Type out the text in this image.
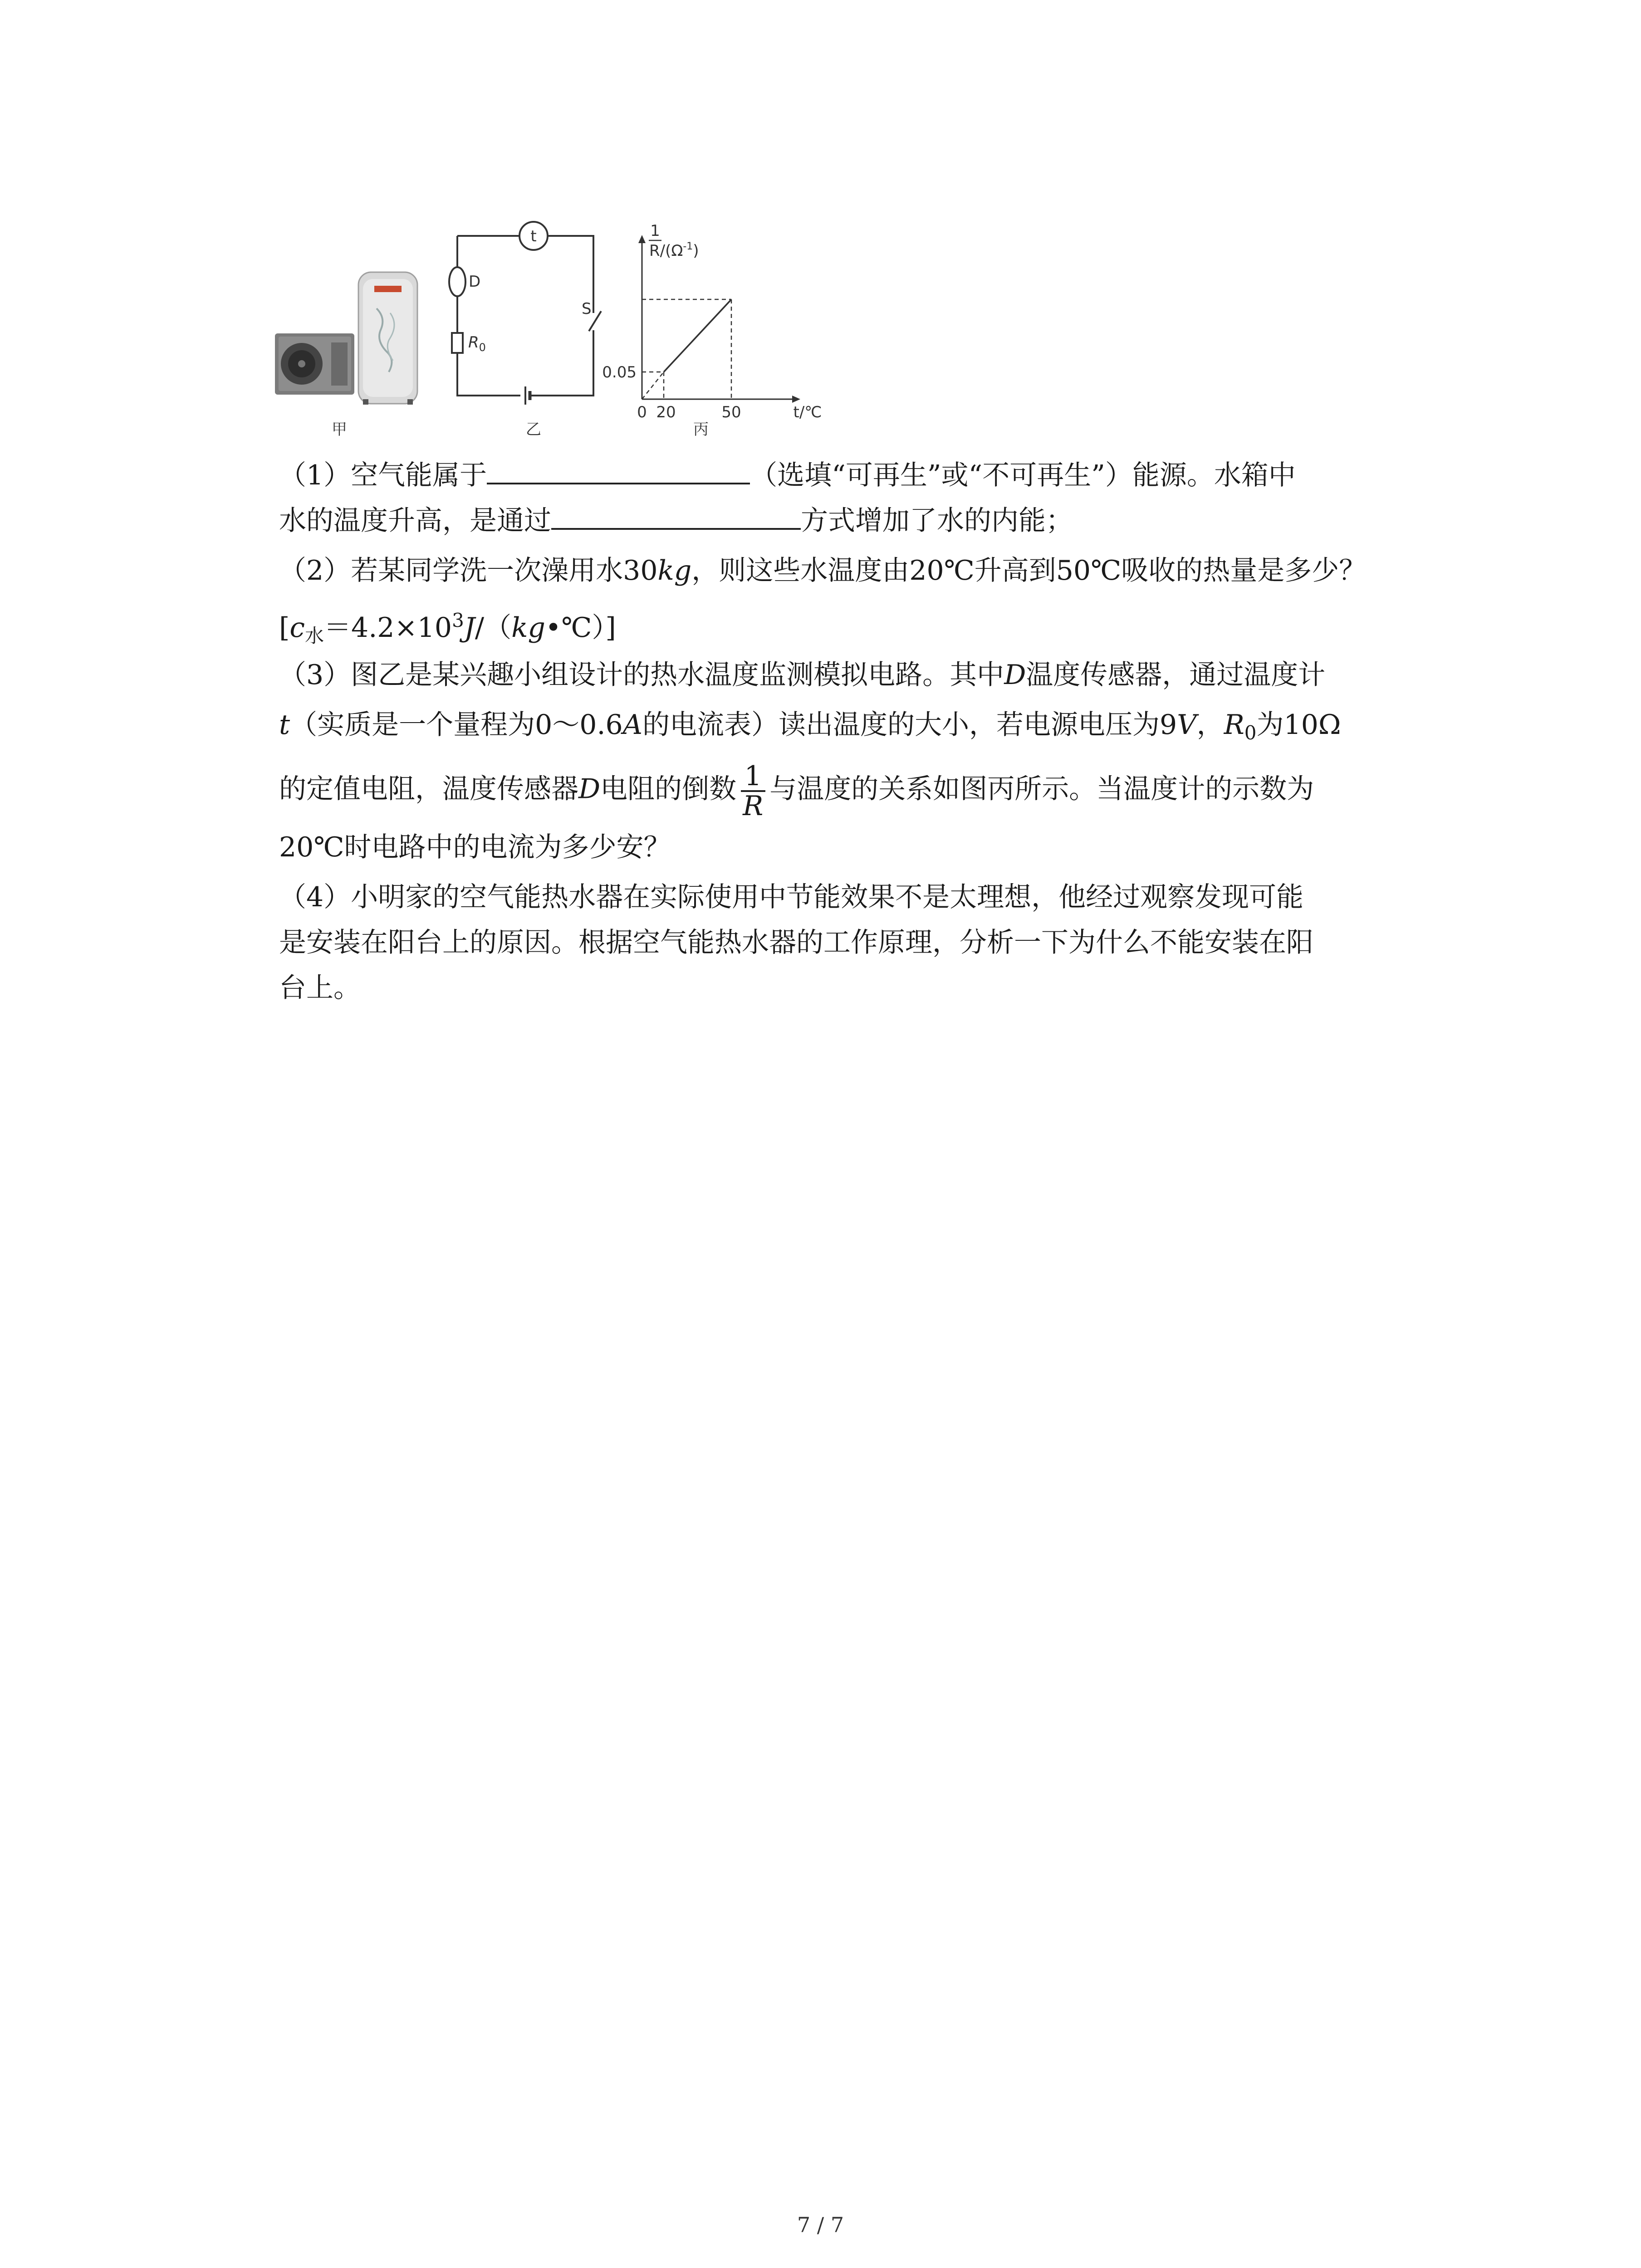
甲
t
D
S
$R_0$
乙
1
$R/(\Omega^{-1})$
0.05
0 20	50	t/℃
丙
（1）空气能属于	（选填“可再生”或“不可再生”）能源。水箱中
水的温度升高，是通过	方式增加了水的内能；
（2）若某同学洗一次澡用水30kg，则这些水温度由20℃升高到50℃吸收的热量是多少？
$[c_水=4.2\times 10^3J/(kg•℃)]$
（3）图乙是某兴趣小组设计的热水温度监测模拟电路。其中D温度传感器，通过温度计
t（实质是一个量程为0～0.6A的电流表）读出温度的大小，若电源电压为9V，$R_0$为10Ω
的定值电阻，温度传感器D电阻的倒数 $\frac{1}{R}$ 与温度的关系如图丙所示。当温度计的示数为
20℃时电路中的电流为多少安？
（4）小明家的空气能热水器在实际使用中节能效果不是太理想，他经过观察发现可能
是安装在阳台上的原因。根据空气能热水器的工作原理，分析一下为什么不能安装在阳
台上。
7 / 7
